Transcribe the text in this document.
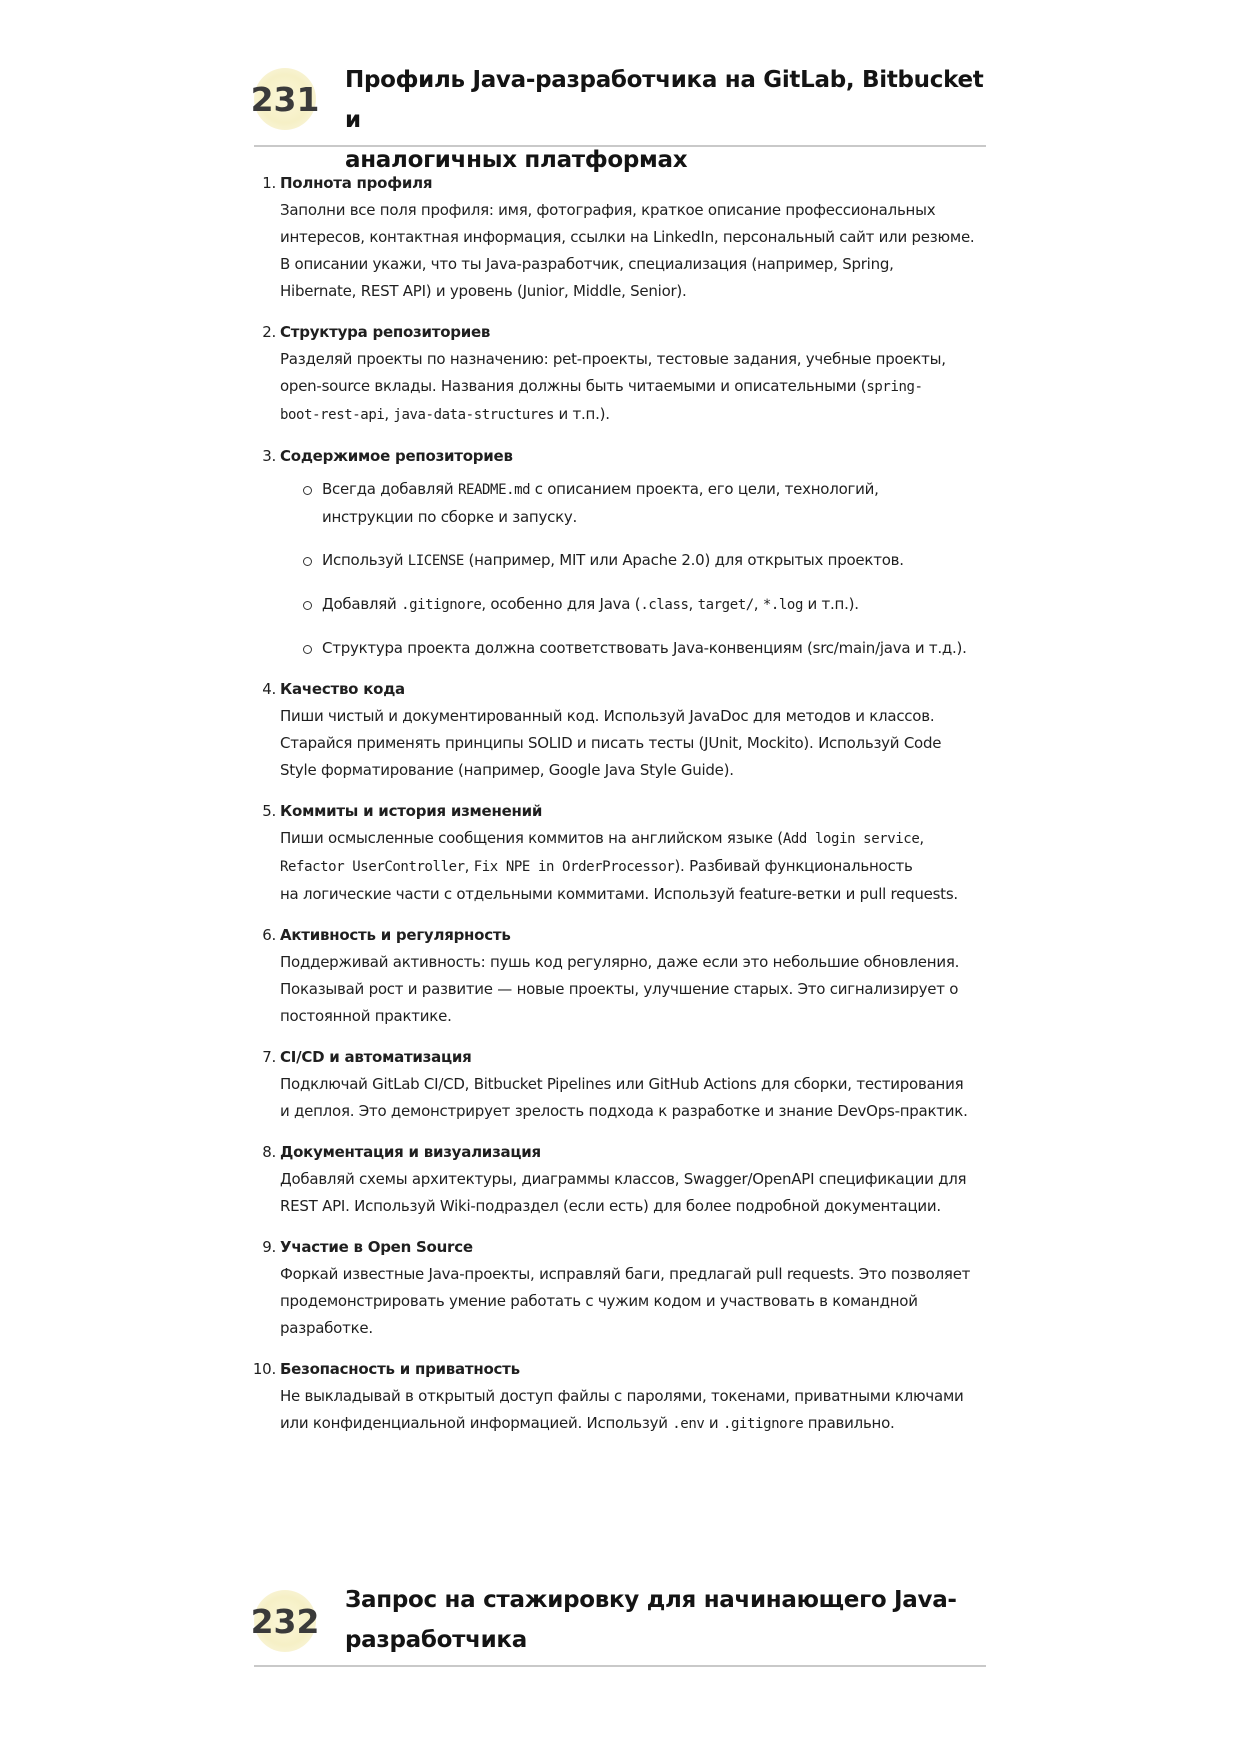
231 Профиль Java-разработчика на GitLab, Bitbucket и
аналогичных платформах
1. Полнота профиля
Заполни все поля профиля: имя, фотография, краткое описание профессиональных
интересов, контактная информация, ссылки на LinkedIn, персональный сайт или резюме.
В описании укажи, что ты Java-разработчик, специализация (например, Spring,
Hibernate, REST API) и уровень (Junior, Middle, Senior).
2. Структура репозиториев
Разделяй проекты по назначению: pet-проекты, тестовые задания, учебные проекты,
open-source вклады. Названия должны быть читаемыми и описательными (spring-
boot-rest-api, java-data-structures и т.п.).
3. Содержимое репозиториев
Всегда добавляй README.md с описанием проекта, его цели, технологий,
инструкции по сборке и запуску.
Используй LICENSE (например, MIT или Apache 2.0) для открытых проектов.
Добавляй .gitignore, особенно для Java (.class, target/, *.log и т.п.).
Структура проекта должна соответствовать Java-конвенциям (src/main/java и т.д.).
4. Качество кода
Пиши чистый и документированный код. Используй JavaDoc для методов и классов.
Старайся применять принципы SOLID и писать тесты (JUnit, Mockito). Используй Code
Style форматирование (например, Google Java Style Guide).
5. Коммиты и история изменений
Пиши осмысленные сообщения коммитов на английском языке (Add login service,
Refactor UserController, Fix NPE in OrderProcessor). Разбивай функциональность
на логические части с отдельными коммитами. Используй feature-ветки и pull requests.
6. Активность и регулярность
Поддерживай активность: пушь код регулярно, даже если это небольшие обновления.
Показывай рост и развитие — новые проекты, улучшение старых. Это сигнализирует о
постоянной практике.
7. CI/CD и автоматизация
Подключай GitLab CI/CD, Bitbucket Pipelines или GitHub Actions для сборки, тестирования
и деплоя. Это демонстрирует зрелость подхода к разработке и знание DevOps-практик.
8. Документация и визуализация
Добавляй схемы архитектуры, диаграммы классов, Swagger/OpenAPI спецификации для
REST API. Используй Wiki-подраздел (если есть) для более подробной документации.
9. Участие в Open Source
Форкай известные Java-проекты, исправляй баги, предлагай pull requests. Это позволяет
продемонстрировать умение работать с чужим кодом и участвовать в командной
разработке.
10. Безопасность и приватность
Не выкладывай в открытый доступ файлы с паролями, токенами, приватными ключами
или конфиденциальной информацией. Используй .env и .gitignore правильно.
232
Запрос на стажировку для начинающего Java-
разработчика
